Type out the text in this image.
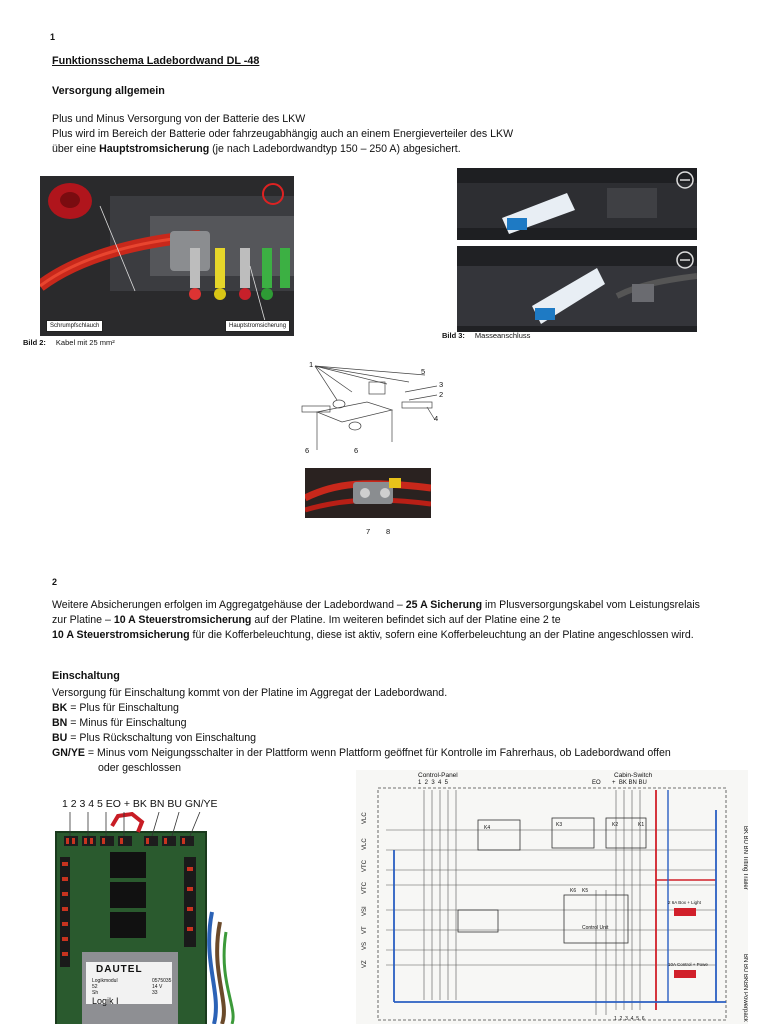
1
Funktionsschema Ladebordwand DL -48
Versorgung allgemein

Plus und Minus Versorgung von der Batterie des LKW

Plus wird im Bereich der Batterie oder fahrzeugabhängig auch an einem Energieverteiler des LKW

über eine Hauptstromsicherung (je nach Ladebordwandtyp 150 – 250 A) abgesichert.

Schrumpfschlauch	Hauptstromsicherung
Bild 2: Kabel mit 25 mm²
Bild 3: Masseanschluss
1
2
3
4
5
6	6
7 8
2
Weitere Absicherungen erfolgen im Aggregatgehäuse der Ladebordwand – 25 A Sicherung im Plusversorgungskabel vom Leistungsrelais zur Platine – 10 A Steuerstromsicherung auf der Platine. Im weiteren befindet sich auf der Platine eine 2 te
10 A Steuerstromsicherung für die Kofferbeleuchtung, diese ist aktiv, sofern eine Kofferbeleuchtung an der Platine angeschlossen wird.
Einschaltung

Versorgung für Einschaltung kommt von der Platine im Aggregat der Ladebordwand.

BK = Plus für Einschaltung

BN = Minus für Einschaltung

BU = Plus Rückschaltung von Einschaltung

GN/YE = Minus vom Neigungsschalter in der Plattform wenn Plattform geöffnet für Kontrolle im Fahrerhaus, ob Ladebordwand offen

oder geschlossen

1 2 3 4 5 EO + BK BN BU GN/YE
DAUTEL
Logikmodul
52
Sh
0575035
14 V
33
Logik I
Control-Panel
1  2  3  4  5
Cabin-Switch
+  BK BN BU
EO
VLC
VLC
VTC
VTC
VSI
VT
VS
VZ
BK BU BN Tilting Trailer
BN BU BKBN Powerpack
2 6A Box + Light
10A Control + Powe
K4	K3	K2	K1
K6 K5
Control Unit
1  2  3  4  5  6
